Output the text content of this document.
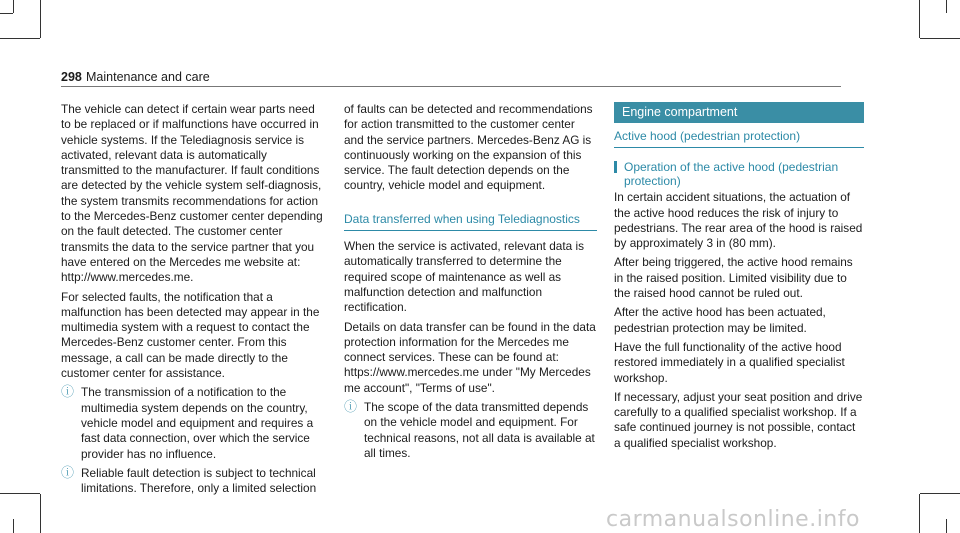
298 Maintenance and care

The vehicle can detect if certain wear parts need to be replaced or if malfunctions have occurred in vehicle systems. If the Telediagnosis service is activated, relevant data is automatically transmitted to the manufacturer. If fault conditions are detected by the vehicle system self-diagnosis, the system transmits recommendations for action to the Mercedes-Benz customer center depending on the fault detected. The customer center transmits the data to the service partner that you have entered on the Mercedes me website at: http://www.mercedes.me.

For selected faults, the notification that a malfunction has been detected may appear in the multimedia system with a request to contact the Mercedes-Benz customer center. From this message, a call can be made directly to the customer center for assistance.

ⓘ The transmission of a notification to the multimedia system depends on the country, vehicle model and equipment and requires a fast data connection, over which the service provider has no influence.
ⓘ Reliable fault detection is subject to technical limitations. Therefore, only a limited selection

of faults can be detected and recommendations for action transmitted to the customer center and the service partners. Mercedes-Benz AG is continuously working on the expansion of this service. The fault detection depends on the country, vehicle model and equipment.

Data transferred when using Telediagnostics

When the service is activated, relevant data is automatically transferred to determine the required scope of maintenance as well as malfunction detection and malfunction rectification.

Details on data transfer can be found in the data protection information for the Mercedes me connect services. These can be found at: https://www.mercedes.me under "My Mercedes me account", "Terms of use".

ⓘ The scope of the data transmitted depends on the vehicle model and equipment. For technical reasons, not all data is available at all times.
Engine compartment
Active hood (pedestrian protection)
Operation of the active hood (pedestrian protection)

In certain accident situations, the actuation of the active hood reduces the risk of injury to pedestrians. The rear area of the hood is raised by approximately 3 in (80 mm).

After being triggered, the active hood remains in the raised position. Limited visibility due to the raised hood cannot be ruled out.

After the active hood has been actuated, pedestrian protection may be limited.

Have the full functionality of the active hood restored immediately in a qualified specialist workshop.

If necessary, adjust your seat position and drive carefully to a qualified specialist workshop. If a safe continued journey is not possible, contact a qualified specialist workshop.

carmanualsonline.info
